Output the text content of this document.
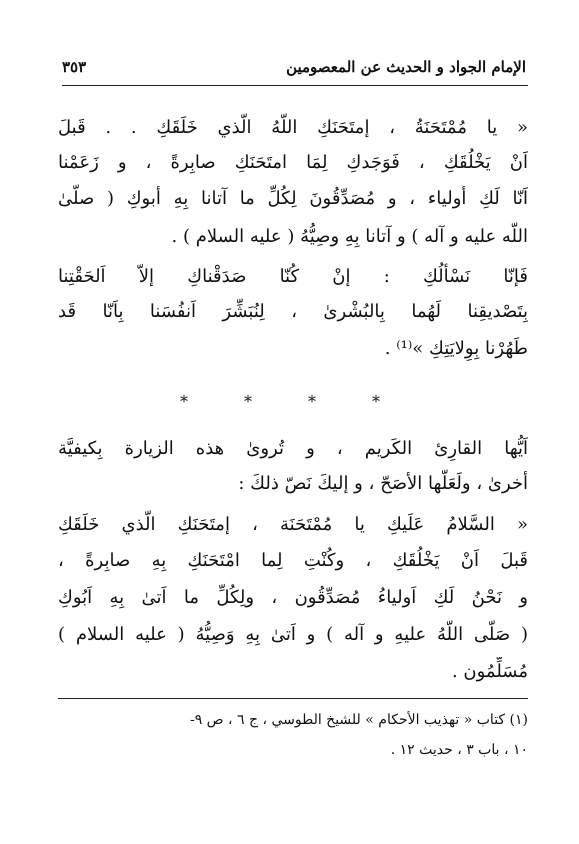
الإمام الجواد و الحديث عن المعصومين
٣٥٣
« يا مُمْتَحَنَةُ ، إمتَحَنَكِ اللّهُ الّذي خَلَقَكِ . . قَبلَ
اَنْ يَخْلُقَكِ ، فَوَجَدكِ لِمَا امتَحَنَكِ صابِرةً ، و زَعَمْنا
اَنّا لَكِ أولياء ، و مُصَدِّقُونَ لِكُلِّ ما آتانا بِهِ أبوكِ ( صلّىٰ
اللّه عليه و آله ) و آتانا بِهِ وصِيُّهُ ( عليه السلام ) .
فَإنّا نَسْألُكِ : إنْ كُنّا صَدَقْناكِ إلاّ اَلحَقْتِنا
بِتَصْديقِنا لَهُما بِالبُشْرىٰ ، لِنُبَشِّرَ اَنفُسَنا بِاَنّا قَد
طَهُرْنا بِوِلايَتِكِ »⁽¹⁾ .
*	*	*	*
اَيُّها القارِئ الكَريم ، و تُروىٰ هذه الزيارة بِكيفيَّة
أخرىٰ ، ولَعَلَّها الأصَحّ ، و إليكَ نَصّ ذلكَ :
« السَّلامُ عَلَيكِ يا مُمْتَحَنَة ، إمتَحَنَكِ الّذي خَلَقَكِ
قَبلَ اَنْ يَخْلُقَكِ ، وكُنْتِ لِما امْتَحَنَكِ بِهِ صابِرةً ،
و نَحْنُ لَكِ اَولياءُ مُصَدِّقُون ، ولِكُلِّ ما اَتىٰ بِهِ اَبُوكِ
( صَلَّى اللّهُ عليهِ و آله ) و اَتىٰ بِهِ وَصِيُّهُ ( عليه السلام )
مُسَلِّمُون .
(١) كتاب « تهذيب الأحكام » للشيخ الطوسي ، ج ٦ ، ص ٩-
١٠ ، باب ٣ ، حديث ١٢ .
